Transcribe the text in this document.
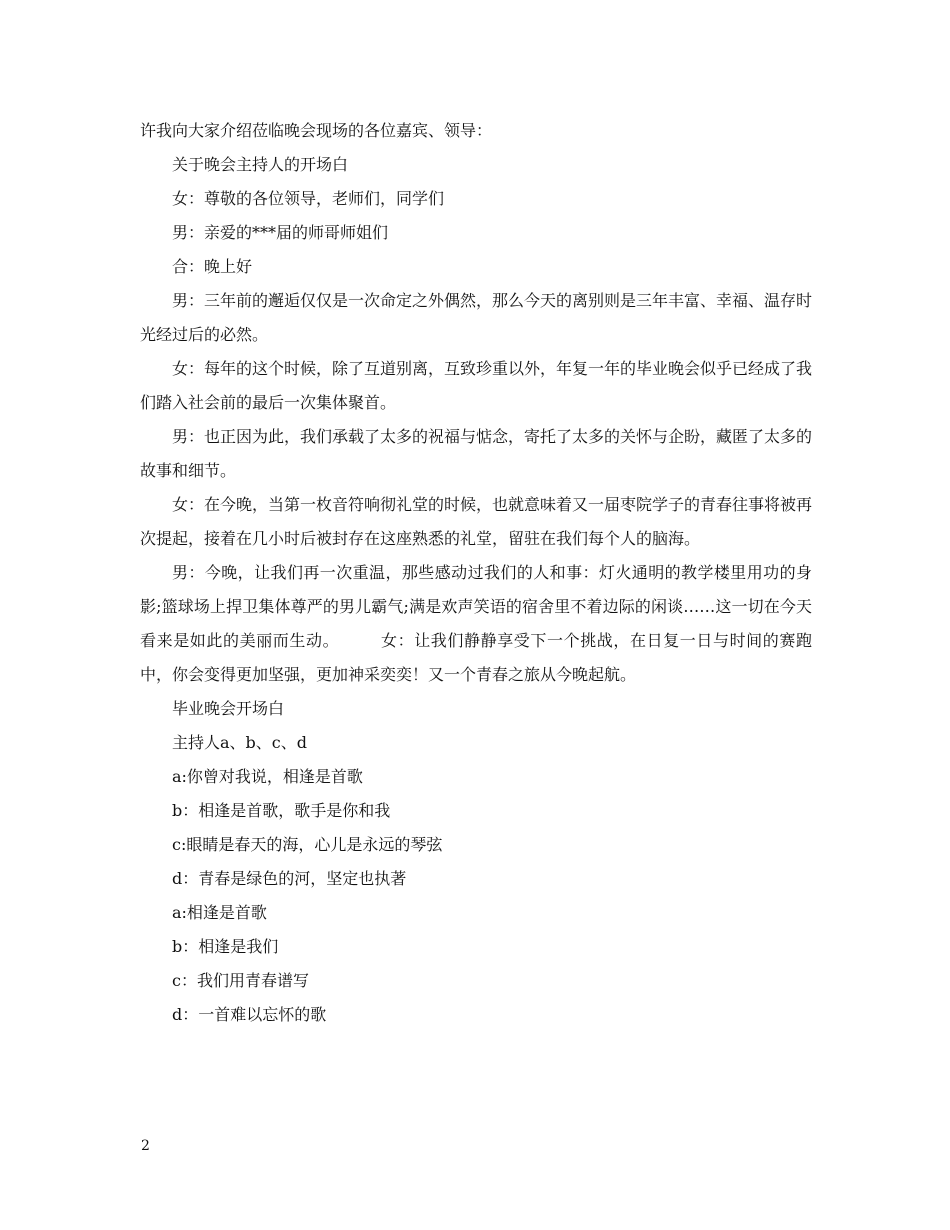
许我向大家介绍莅临晚会现场的各位嘉宾、领导：

关于晚会主持人的开场白

女：尊敬的各位领导，老师们，同学们

男：亲爱的***届的师哥师姐们

合：晚上好

男：三年前的邂逅仅仅是一次命定之外偶然，那么今天的离别则是三年丰富、幸福、温存时光经过后的必然。

女：每年的这个时候，除了互道别离，互致珍重以外，年复一年的毕业晚会似乎已经成了我们踏入社会前的最后一次集体聚首。

男：也正因为此，我们承载了太多的祝福与惦念，寄托了太多的关怀与企盼，藏匿了太多的故事和细节。

女：在今晚，当第一枚音符响彻礼堂的时候，也就意味着又一届枣院学子的青春往事将被再次提起，接着在几小时后被封存在这座熟悉的礼堂，留驻在我们每个人的脑海。

男：今晚，让我们再一次重温，那些感动过我们的人和事：灯火通明的教学楼里用功的身影;篮球场上捍卫集体尊严的男儿霸气;满是欢声笑语的宿舍里不着边际的闲谈……这一切在今天看来是如此的美丽而生动。　　　女：让我们静静享受下一个挑战，在日复一日与时间的赛跑中，你会变得更加坚强，更加神采奕奕！又一个青春之旅从今晚起航。

毕业晚会开场白

主持人a、b、c、d

a:你曾对我说，相逢是首歌

b：相逢是首歌，歌手是你和我

c:眼睛是春天的海，心儿是永远的琴弦

d：青春是绿色的河，坚定也执著

a:相逢是首歌

b：相逢是我们

c：我们用青春谱写

d：一首难以忘怀的歌

2
